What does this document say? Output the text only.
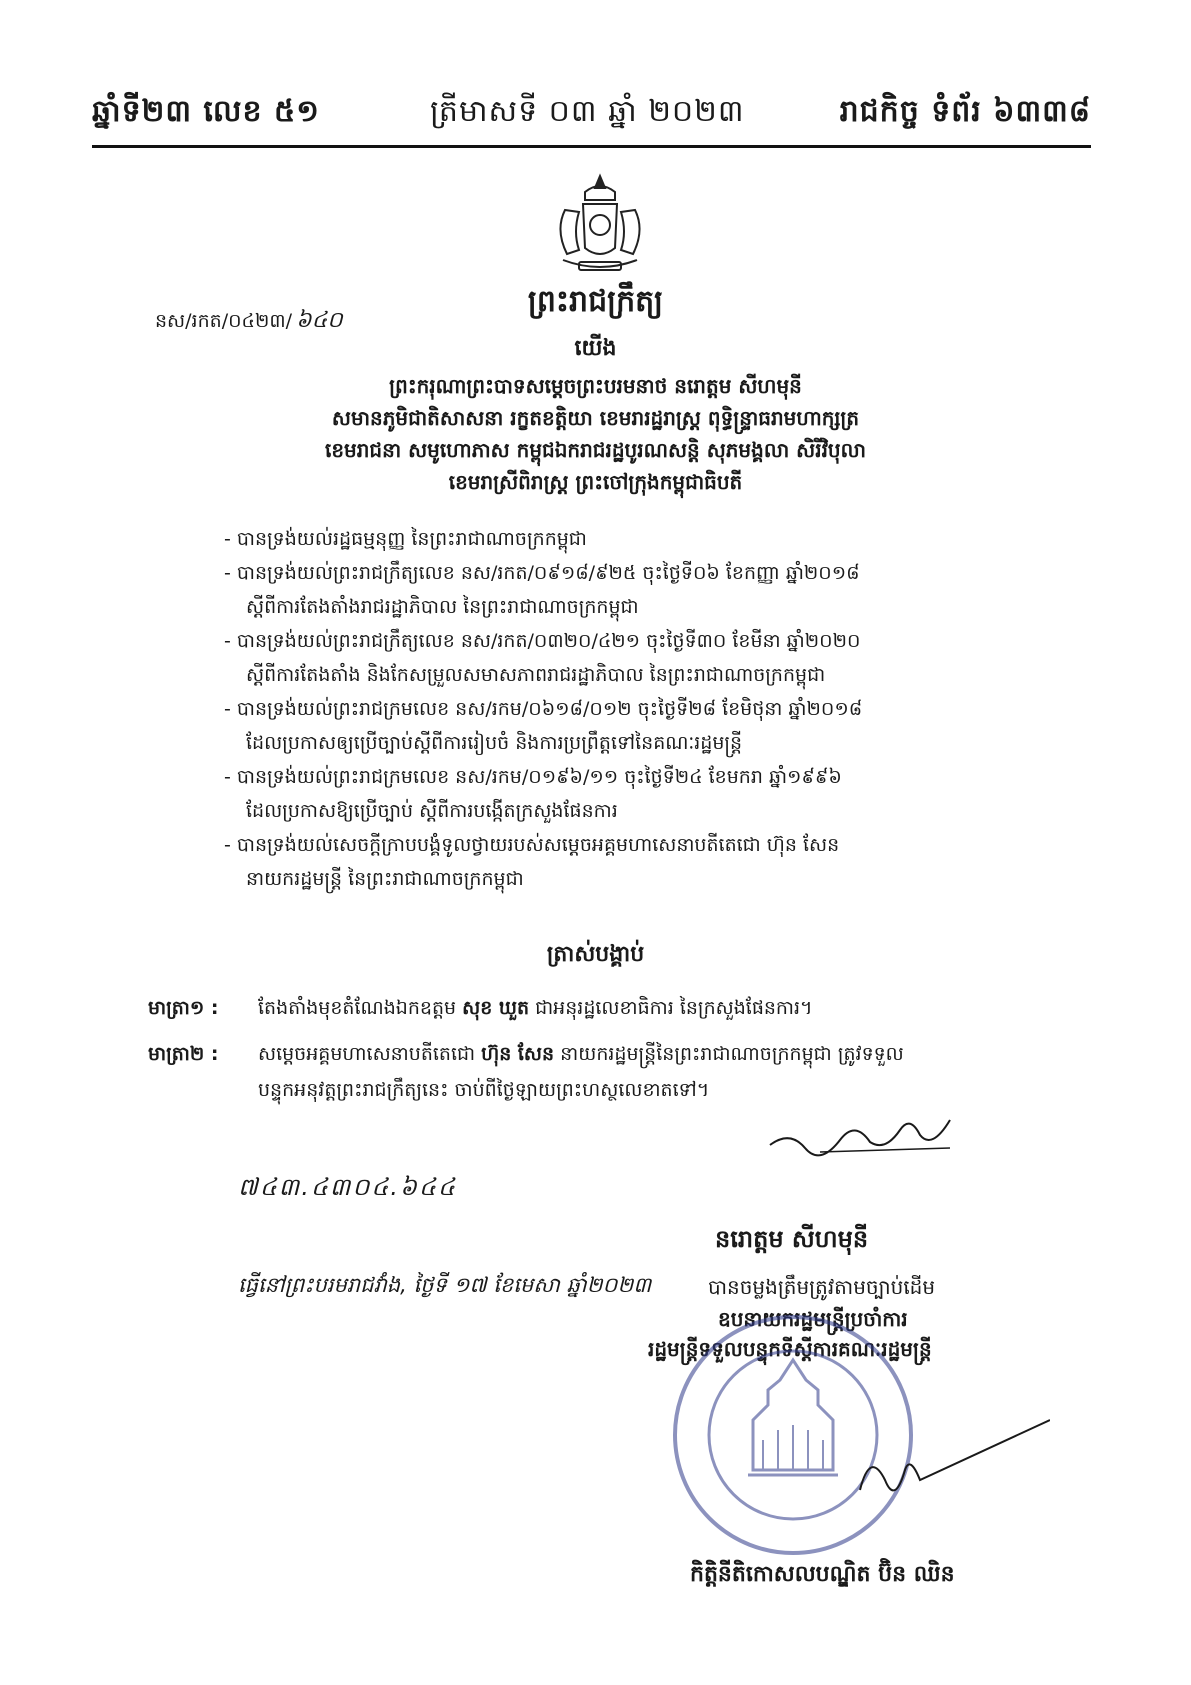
ឆ្នាំទី២៣ លេខ ៥១	ត្រីមាសទី ០៣ ឆ្នាំ ២០២៣	រាជកិច្ច ទំព័រ ៦៣៣៨
ព្រះរាជក្រឹត្យ
នស/រកត/០៤២៣/ ៦៤០
យើង
ព្រះករុណាព្រះបាទសម្តេចព្រះបរមនាថ នរោត្តម សីហមុនី
សមានភូមិជាតិសាសនា រក្ខតខត្តិយា ខេមរារដ្ឋរាស្ត្រ ពុទ្ធិន្ទ្រាធរាមហាក្សត្រ
ខេមរាជនា សមូហោភាស កម្ពុជឯករាជរដ្ឋបូរណសន្តិ សុភមង្គលា សិរីវិបុលា
ខេមរាស្រីពិរាស្ត្រ ព្រះចៅក្រុងកម្ពុជាធិបតី
- បានទ្រង់យល់រដ្ឋធម្មនុញ្ញ នៃព្រះរាជាណាចក្រកម្ពុជា
- បានទ្រង់យល់ព្រះរាជក្រឹត្យលេខ នស/រកត/០៩១៨/៩២៥ ចុះថ្ងៃទី០៦ ខែកញ្ញា ឆ្នាំ២០១៨
ស្តីពីការតែងតាំងរាជរដ្ឋាភិបាល នៃព្រះរាជាណាចក្រកម្ពុជា
- បានទ្រង់យល់ព្រះរាជក្រឹត្យលេខ នស/រកត/០៣២០/៤២១ ចុះថ្ងៃទី៣០ ខែមីនា ឆ្នាំ២០២០
ស្តីពីការតែងតាំង និងកែសម្រួលសមាសភាពរាជរដ្ឋាភិបាល នៃព្រះរាជាណាចក្រកម្ពុជា
- បានទ្រង់យល់ព្រះរាជក្រមលេខ នស/រកម/០៦១៨/០១២ ចុះថ្ងៃទី២៨ ខែមិថុនា ឆ្នាំ២០១៨
ដែលប្រកាសឲ្យប្រើច្បាប់ស្តីពីការរៀបចំ និងការប្រព្រឹត្តទៅនៃគណៈរដ្ឋមន្ត្រី
- បានទ្រង់យល់ព្រះរាជក្រមលេខ នស/រកម/០១៩៦/១១ ចុះថ្ងៃទី២៤ ខែមករា ឆ្នាំ១៩៩៦
ដែលប្រកាសឱ្យប្រើច្បាប់ ស្តីពីការបង្កើតក្រសួងផែនការ
- បានទ្រង់យល់សេចក្តីក្រាបបង្គំទូលថ្វាយរបស់សម្តេចអគ្គមហាសេនាបតីតេជោ ហ៊ុន សែន
នាយករដ្ឋមន្ត្រី នៃព្រះរាជាណាចក្រកម្ពុជា
ត្រាស់បង្គាប់
មាត្រា១ : តែងតាំងមុខតំណែងឯកឧត្តម សុខ ឃួត ជាអនុរដ្ឋលេខាធិការ នៃក្រសួងផែនការ។
មាត្រា២ : សម្តេចអគ្គមហាសេនាបតីតេជោ ហ៊ុន សែន នាយករដ្ឋមន្ត្រីនៃព្រះរាជាណាចក្រកម្ពុជា ត្រូវទទួល
បន្ទុកអនុវត្តព្រះរាជក្រឹត្យនេះ ចាប់ពីថ្ងៃឡាយព្រះហស្ថលេខាតទៅ។
៧៤៣.៤៣០៤.៦៤៤
នរោត្តម សីហមុនី
ធ្វើនៅព្រះបរមរាជវាំង, ថ្ងៃទី ១៧ ខែមេសា ឆ្នាំ២០២៣	បានចម្លងត្រឹមត្រូវតាមច្បាប់ដើម
ឧបនាយករដ្ឋមន្ត្រីប្រចាំការ
រដ្ឋមន្ត្រីទទួលបន្ទុកទីស្តីការគណៈរដ្ឋមន្ត្រី
កិត្តិនីតិកោសលបណ្ឌិត ប៊ិន ឈិន
